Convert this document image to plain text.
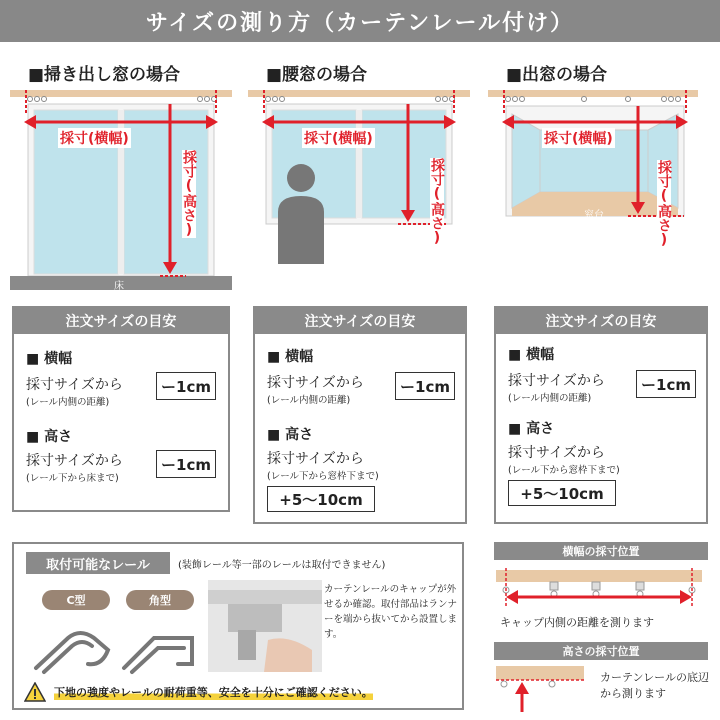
サイズの測り方（カーテンレール付け）
■掃き出し窓の場合
採寸(横幅)
採寸(高さ)
床
■腰窓の場合
採寸(横幅)
採寸(高さ)
■出窓の場合
採寸(横幅)
採寸(高さ)
窓台
注文サイズの目安
■ 横幅
採寸サイズから
(レール内側の距離)
ー1cm
■ 高さ
採寸サイズから
(レール下から床まで)
ー1cm
注文サイズの目安
■ 横幅
採寸サイズから
(レール内側の距離)
ー1cm
■ 高さ
採寸サイズから
(レール下から窓枠下まで)
+5〜10cm
注文サイズの目安
■ 横幅
採寸サイズから
(レール内側の距離)
ー1cm
■ 高さ
採寸サイズから
(レール下から窓枠下まで)
+5〜10cm
取付可能なレール	(装飾レール等一部のレールは取付できません)
C型	角型
カーテンレールのキャップが外せるか確認。取付部品はランナーを端から抜いてから設置します。
下地の強度やレールの耐荷重等、安全を十分にご確認ください。
横幅の採寸位置
キャップ内側の距離を測ります
高さの採寸位置
カーテンレールの底辺から測ります
